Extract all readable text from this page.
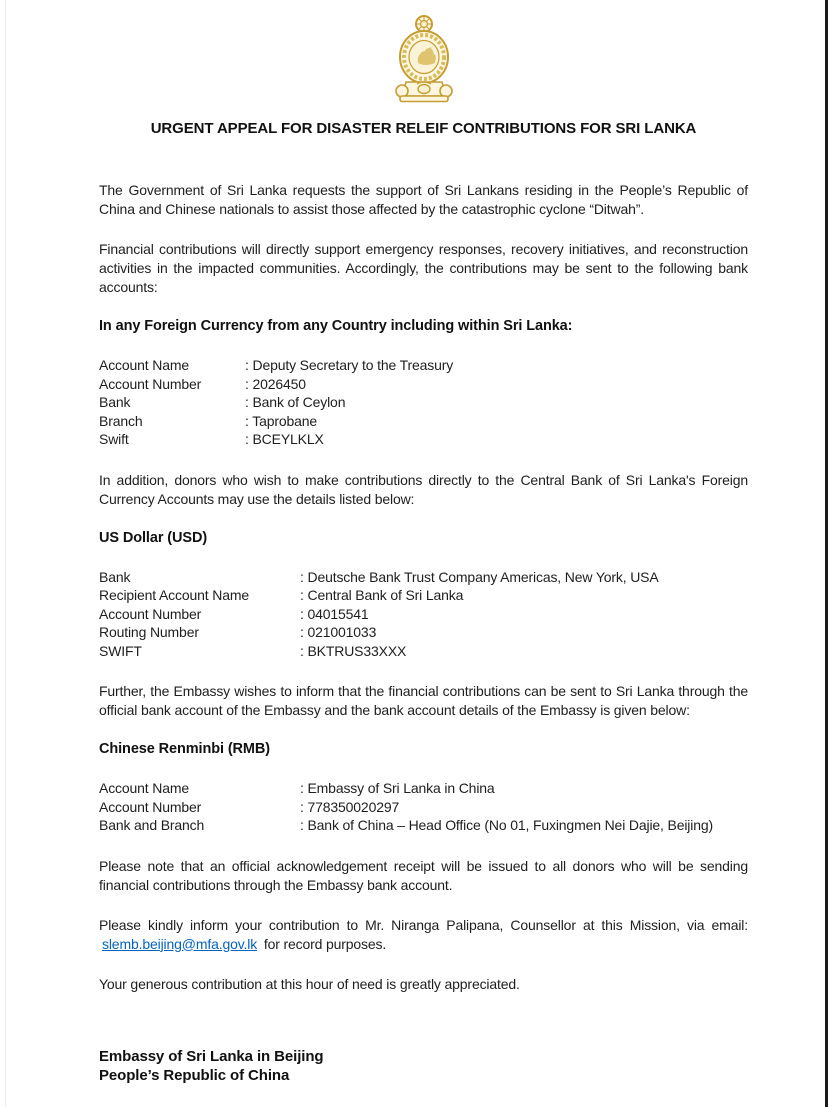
URGENT APPEAL FOR DISASTER RELEIF CONTRIBUTIONS FOR SRI LANKA

The Government of Sri Lanka requests the support of Sri Lankans residing in the People’s Republic of China and Chinese nationals to assist those affected by the catastrophic cyclone “Ditwah”.

Financial contributions will directly support emergency responses, recovery initiatives, and reconstruction activities in the impacted communities. Accordingly, the contributions may be sent to the following bank accounts:

In any Foreign Currency from any Country including within Sri Lanka:
Account Name	: Deputy Secretary to the Treasury
Account Number	: 2026450
Bank	: Bank of Ceylon
Branch	: Taprobane
Swift	: BCEYLKLX

In addition, donors who wish to make contributions directly to the Central Bank of Sri Lanka's Foreign Currency Accounts may use the details listed below:

US Dollar (USD)
Bank	: Deutsche Bank Trust Company Americas, New York, USA
Recipient Account Name	: Central Bank of Sri Lanka
Account Number	: 04015541
Routing Number	: 021001033
SWIFT	: BKTRUS33XXX

Further, the Embassy wishes to inform that the financial contributions can be sent to Sri Lanka through the official bank account of the Embassy and the bank account details of the Embassy is given below:

Chinese Renminbi (RMB)
Account Name	: Embassy of Sri Lanka in China
Account Number	: 778350020297
Bank and Branch	: Bank of China – Head Office (No 01, Fuxingmen Nei Dajie, Beijing)

Please note that an official acknowledgement receipt will be issued to all donors who will be sending financial contributions through the Embassy bank account.

Please kindly inform your contribution to Mr. Niranga Palipana, Counsellor at this Mission, via email: slemb.beijing@mfa.gov.lk for record purposes.

Your generous contribution at this hour of need is greatly appreciated.

Embassy of Sri Lanka in Beijing
People’s Republic of China
